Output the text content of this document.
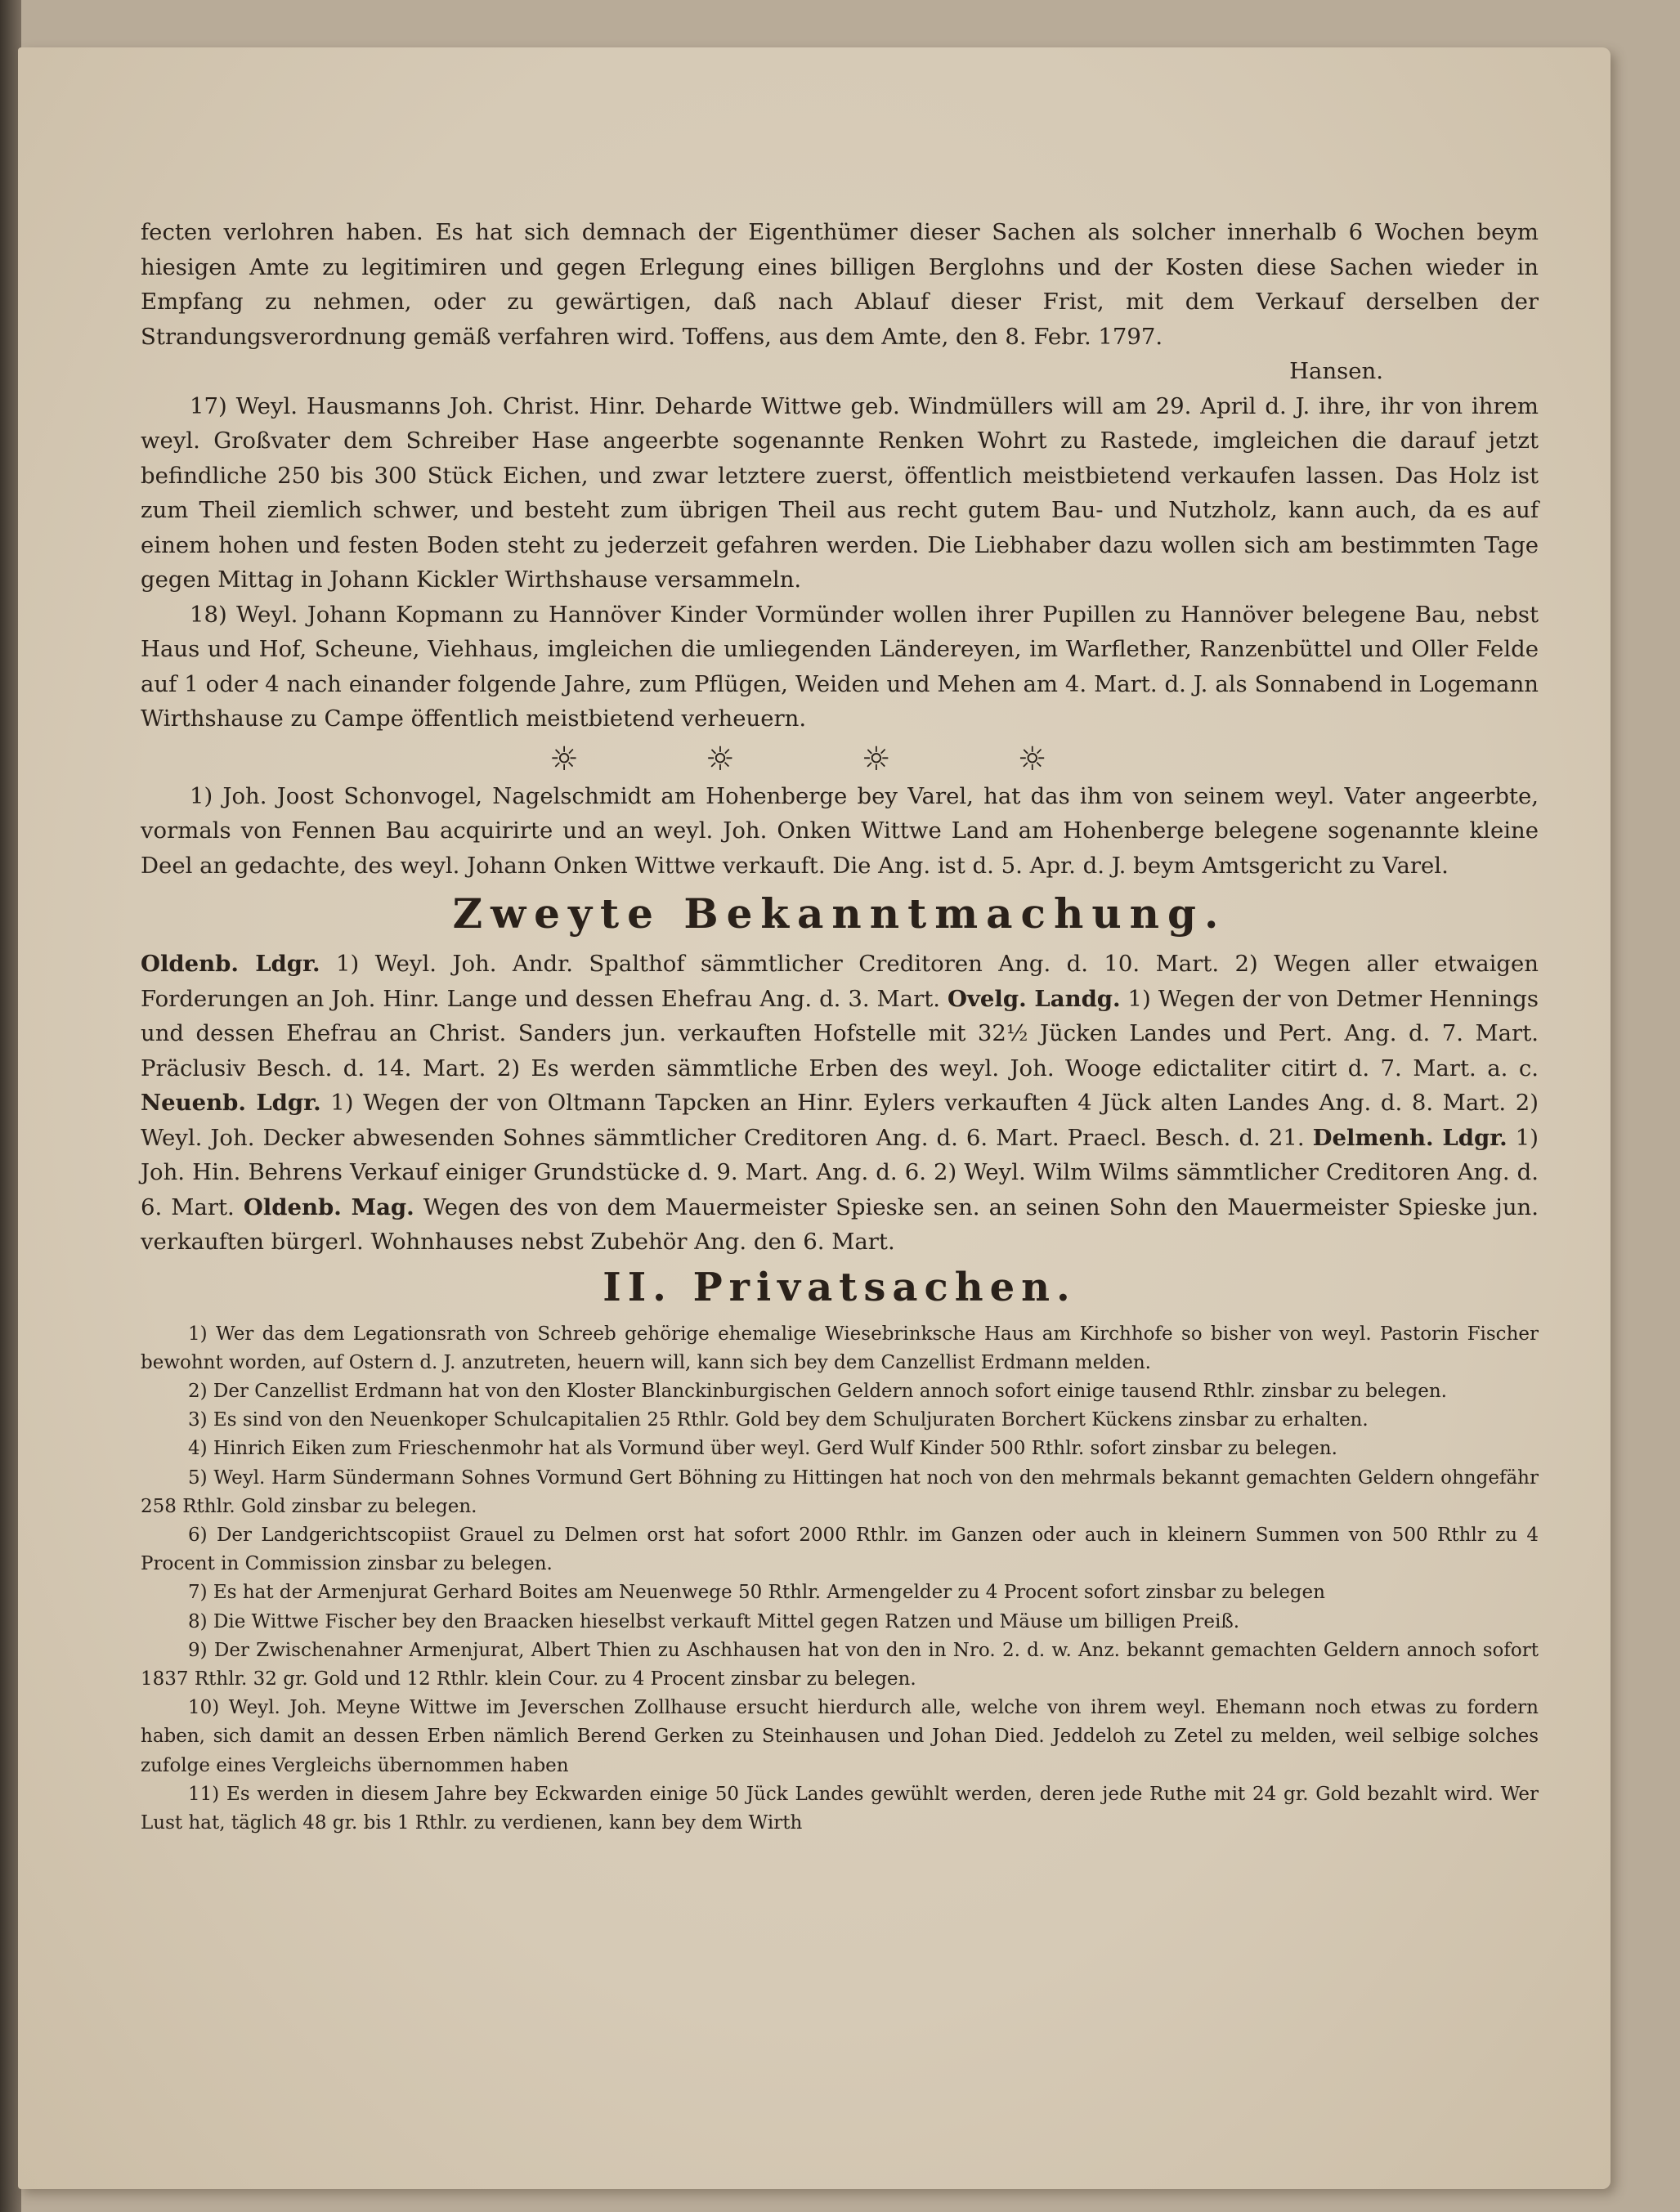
fecten verlohren haben. Es hat sich demnach der Eigenthümer dieser Sachen als solcher innerhalb 6 Wochen beym hiesigen Amte zu legitimiren und gegen Erlegung eines billigen Berglohns und der Kosten diese Sachen wieder in Empfang zu nehmen, oder zu gewärtigen, daß nach Ablauf dieser Frist, mit dem Verkauf derselben der Strandungsverordnung gemäß verfahren wird. Toffens, aus dem Amte, den 8. Febr. 1797.
Hansen.

17) Weyl. Hausmanns Joh. Christ. Hinr. Deharde Wittwe geb. Windmüllers will am 29. April d. J. ihre, ihr von ihrem weyl. Großvater dem Schreiber Hase angeerbte sogenannte Renken Wohrt zu Rastede, imgleichen die darauf jetzt befindliche 250 bis 300 Stück Eichen, und zwar letztere zuerst, öffentlich meistbietend verkaufen lassen. Das Holz ist zum Theil ziemlich schwer, und besteht zum übrigen Theil aus recht gutem Bau- und Nutzholz, kann auch, da es auf einem hohen und festen Boden steht zu jederzeit gefahren werden. Die Liebhaber dazu wollen sich am bestimmten Tage gegen Mittag in Johann Kickler Wirthshause versammeln.

18) Weyl. Johann Kopmann zu Hannöver Kinder Vormünder wollen ihrer Pupillen zu Hannöver belegene Bau, nebst Haus und Hof, Scheune, Viehhaus, imgleichen die umliegenden Ländereyen, im Warflether, Ranzenbüttel und Oller Felde auf 1 oder 4 nach einander folgende Jahre, zum Pflügen, Weiden und Mehen am 4. Mart. d. J. als Sonnabend in Logemann Wirthshause zu Campe öffentlich meistbietend verheuern.

☼	☼	☼	☼

1) Joh. Joost Schonvogel, Nagelschmidt am Hohenberge bey Varel, hat das ihm von seinem weyl. Vater angeerbte, vormals von Fennen Bau acquirirte und an weyl. Joh. Onken Wittwe Land am Hohenberge belegene sogenannte kleine Deel an gedachte, des weyl. Johann Onken Wittwe verkauft. Die Ang. ist d. 5. Apr. d. J. beym Amtsgericht zu Varel.

Zweyte Bekanntmachung.

Oldenb. Ldgr. 1) Weyl. Joh. Andr. Spalthof sämmtlicher Creditoren Ang. d. 10. Mart. 2) Wegen aller etwaigen Forderungen an Joh. Hinr. Lange und dessen Ehefrau Ang. d. 3. Mart. Ovelg. Landg. 1) Wegen der von Detmer Hennings und dessen Ehefrau an Christ. Sanders jun. verkauften Hofstelle mit 32½ Jücken Landes und Pert. Ang. d. 7. Mart. Präclusiv Besch. d. 14. Mart. 2) Es werden sämmtliche Erben des weyl. Joh. Wooge edictaliter citirt d. 7. Mart. a. c. Neuenb. Ldgr. 1) Wegen der von Oltmann Tapcken an Hinr. Eylers verkauften 4 Jück alten Landes Ang. d. 8. Mart. 2) Weyl. Joh. Decker abwesenden Sohnes sämmtlicher Creditoren Ang. d. 6. Mart. Praecl. Besch. d. 21. Delmenh. Ldgr. 1) Joh. Hin. Behrens Verkauf einiger Grundstücke d. 9. Mart. Ang. d. 6. 2) Weyl. Wilm Wilms sämmtlicher Creditoren Ang. d. 6. Mart. Oldenb. Mag. Wegen des von dem Mauermeister Spieske sen. an seinen Sohn den Mauermeister Spieske jun. verkauften bürgerl. Wohnhauses nebst Zubehör Ang. den 6. Mart.

II. Privatsachen.

1) Wer das dem Legationsrath von Schreeb gehörige ehemalige Wiesebrinksche Haus am Kirchhofe so bisher von weyl. Pastorin Fischer bewohnt worden, auf Ostern d. J. anzutreten, heuern will, kann sich bey dem Canzellist Erdmann melden.

2) Der Canzellist Erdmann hat von den Kloster Blanckinburgischen Geldern annoch sofort einige tausend Rthlr. zinsbar zu belegen.

3) Es sind von den Neuenkoper Schulcapitalien 25 Rthlr. Gold bey dem Schuljuraten Borchert Kückens zinsbar zu erhalten.

4) Hinrich Eiken zum Frieschenmohr hat als Vormund über weyl. Gerd Wulf Kinder 500 Rthlr. sofort zinsbar zu belegen.

5) Weyl. Harm Sündermann Sohnes Vormund Gert Böhning zu Hittingen hat noch von den mehrmals bekannt gemachten Geldern ohngefähr 258 Rthlr. Gold zinsbar zu belegen.

6) Der Landgerichtscopiist Grauel zu Delmen orst hat sofort 2000 Rthlr. im Ganzen oder auch in kleinern Summen von 500 Rthlr zu 4 Procent in Commission zinsbar zu belegen.

7) Es hat der Armenjurat Gerhard Boites am Neuenwege 50 Rthlr. Armengelder zu 4 Procent sofort zinsbar zu belegen

8) Die Wittwe Fischer bey den Braacken hieselbst verkauft Mittel gegen Ratzen und Mäuse um billigen Preiß.

9) Der Zwischenahner Armenjurat, Albert Thien zu Aschhausen hat von den in Nro. 2. d. w. Anz. bekannt gemachten Geldern annoch sofort 1837 Rthlr. 32 gr. Gold und 12 Rthlr. klein Cour. zu 4 Procent zinsbar zu belegen.

10) Weyl. Joh. Meyne Wittwe im Jeverschen Zollhause ersucht hierdurch alle, welche von ihrem weyl. Ehemann noch etwas zu fordern haben, sich damit an dessen Erben nämlich Berend Gerken zu Steinhausen und Johan Died. Jeddeloh zu Zetel zu melden, weil selbige solches zufolge eines Vergleichs übernommen haben

11) Es werden in diesem Jahre bey Eckwarden einige 50 Jück Landes gewühlt werden, deren jede Ruthe mit 24 gr. Gold bezahlt wird. Wer Lust hat, täglich 48 gr. bis 1 Rthlr. zu verdienen, kann bey dem Wirth
